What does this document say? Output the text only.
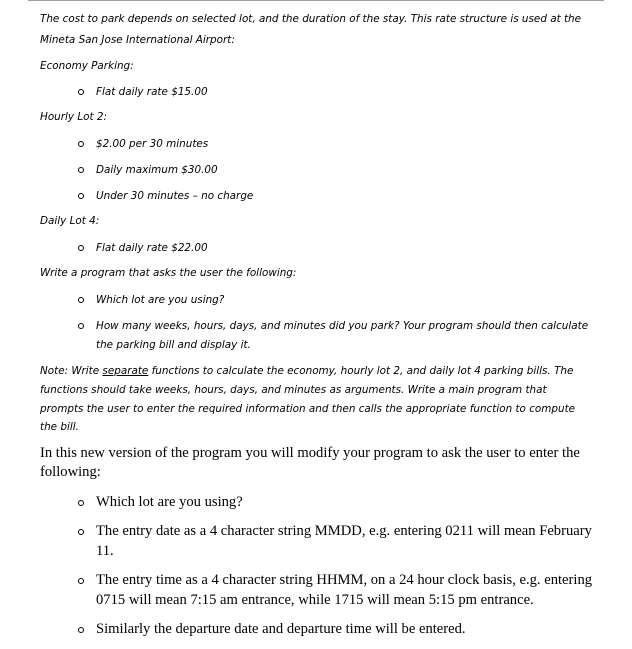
The cost to park depends on selected lot, and the duration of the stay. This rate structure is used at the
Mineta San Jose International Airport:
Economy Parking:
Flat daily rate $15.00
Hourly Lot 2:
$2.00 per 30 minutes
Daily maximum $30.00
Under 30 minutes – no charge
Daily Lot 4:
Flat daily rate $22.00
Write a program that asks the user the following:
Which lot are you using?
How many weeks, hours, days, and minutes did you park? Your program should then calculate
the parking bill and display it.
Note: Write separate functions to calculate the economy, hourly lot 2, and daily lot 4 parking bills. The
functions should take weeks, hours, days, and minutes as arguments. Write a main program that
prompts the user to enter the required information and then calls the appropriate function to compute
the bill.
In this new version of the program you will modify your program to ask the user to enter the
following:
Which lot are you using?
The entry date as a 4 character string MMDD, e.g. entering 0211 will mean February
11.
The entry time as a 4 character string HHMM, on a 24 hour clock basis, e.g. entering
0715 will mean 7:15 am entrance, while 1715 will mean 5:15 pm entrance.
Similarly the departure date and departure time will be entered.
